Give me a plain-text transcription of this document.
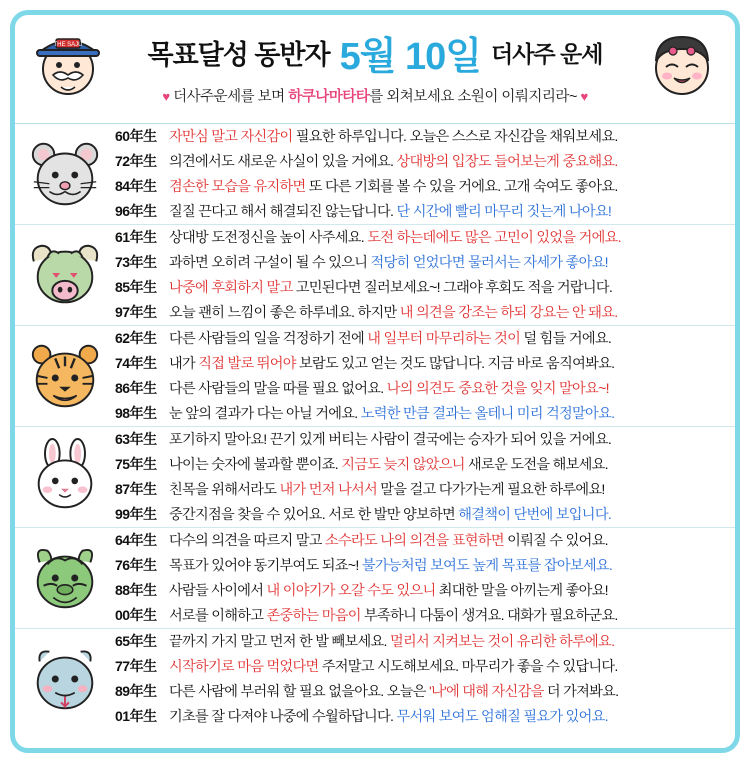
THE SAJU 목표달성 동반자 5월 10일 더사주 운세
♥ 더사주운세를 보며 하쿠나마타타를 외쳐보세요 소원이 이뤄지리라~ ♥
60年生 자만심 말고 자신감이 필요한 하루입니다. 오늘은 스스로 자신감을 채워보세요.
72年生 의견에서도 새로운 사실이 있을 거에요. 상대방의 입장도 들어보는게 중요해요.
84年生 겸손한 모습을 유지하면 또 다른 기회를 볼 수 있을 거에요. 고개 숙여도 좋아요.
96年生 질질 끈다고 해서 해결되진 않는답니다. 단 시간에 빨리 마무리 짓는게 나아요!
61年生 상대방 도전정신을 높이 사주세요. 도전 하는데에도 많은 고민이 있었을 거에요.
73年生 과하면 오히려 구설이 될 수 있으니 적당히 얻었다면 물러서는 자세가 좋아요!
85年生 나중에 후회하지 말고 고민된다면 질러보세요~! 그래야 후회도 적을 거랍니다.
97年生 오늘 괜히 느낌이 좋은 하루네요. 하지만 내 의견을 강조는 하되 강요는 안 돼요.
62年生 다른 사람들의 일을 걱정하기 전에 내 일부터 마무리하는 것이 덜 힘들 거에요.
74年生 내가 직접 발로 뛰어야 보람도 있고 얻는 것도 많답니다. 지금 바로 움직여봐요.
86年生 다른 사람들의 말을 따를 필요 없어요. 나의 의견도 중요한 것을 잊지 말아요~!
98年生 눈 앞의 결과가 다는 아닐 거에요. 노력한 만큼 결과는 올테니 미리 걱정말아요.
63年生 포기하지 말아요! 끈기 있게 버티는 사람이 결국에는 승자가 되어 있을 거에요.
75年生 나이는 숫자에 불과할 뿐이죠. 지금도 늦지 않았으니 새로운 도전을 해보세요.
87年生 친목을 위해서라도 내가 먼저 나서서 말을 걸고 다가가는게 필요한 하루에요!
99年生 중간지점을 찾을 수 있어요. 서로 한 발만 양보하면 해결책이 단번에 보입니다.
64年生 다수의 의견을 따르지 말고 소수라도 나의 의견을 표현하면 이뤄질 수 있어요.
76年生 목표가 있어야 동기부여도 되죠~! 불가능처럼 보여도 높게 목표를 잡아보세요.
88年生 사람들 사이에서 내 이야기가 오갈 수도 있으니 최대한 말을 아끼는게 좋아요!
00年生 서로를 이해하고 존중하는 마음이 부족하니 다툼이 생겨요. 대화가 필요하군요.
65年生 끝까지 가지 말고 먼저 한 발 빼보세요. 멀리서 지켜보는 것이 유리한 하루에요.
77年生 시작하기로 마음 먹었다면 주저말고 시도해보세요. 마무리가 좋을 수 있답니다.
89年生 다른 사람에 부러워 할 필요 없을아요. 오늘은 '나'에 대해 자신감을 더 가져봐요.
01年生 기초를 잘 다져야 나중에 수월하답니다. 무서워 보여도 엄해질 필요가 있어요.
